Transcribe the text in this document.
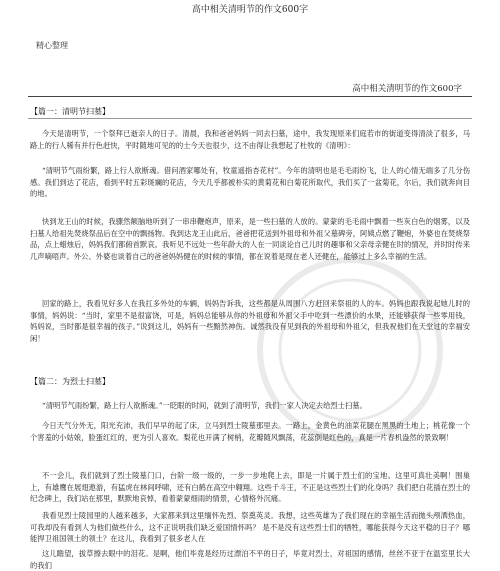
高中相关清明节的作文600字
精心整理
高中相关清明节的作文600字
【篇一：清明节扫墓】

今天是清明节，一个祭拜已逝亲人的日子。清晨，我和爸爸妈妈一同去扫墓，途中，我发现原来们庭若市的街道变得清淡了很多，马路上的行人稀有并行色赶快，平时随地可见的的士今天也很少，这不由得让我想起了杜牧的《清明》：

“清明节气雨纷繁，路上行人欲断魂。借问酒家哪处有，牧童遥指杏花村”。今年的清明也是毛毛雨纷飞，让人的心情无端多了几分伤感。我们到达了花店，看到平时五彩斑斓的花店，今天几乎都被朴实的黄菊花和白菊花所取代，我们买了一盆菊花，尔后，我们就奔向目的地。

快到龙王山的时候，我骤然额脑地听到了一串串鞭炮声，原来，是一些扫墓的人放的。蒙蒙的毛毛雨中飘着一些灰白色的烟雾，以及扫墓人给祖先焚烧祭品后在空中的飘扬物。我到达龙王山此后，爸爸把花送到外祖母和外祖父墓碑旁，阿姨点燃了鞭炮，外婆也在焚烧祭品，点上蜡烛后，妈妈我们都俯首默哀。我听见不远处一些年龄大的人在一同谈论自己儿时的趣事和父亲母亲健在时的情况，并时时传来几声嘀唔声。外公、外婆也谈着自己的爸爸妈妈健在的时候的事情，都在说着是现在老人还健在，能够过上多么幸福的生活。

回家的路上，我看见好多人在我扛多外处的车辆，妈妈告诉我，这些都是从周围八方赶回来祭祖的人的车。妈妈也跟我说起她儿时的事情，妈妈说：“当时，家里不是很富饶，可是，妈妈总能够从你的外祖母和外祖父手中吃到一些漂价的水果，还能够获得一些零用钱，妈妈说，当时都是很幸福的孩子。”说到这儿，妈妈有一些黯然神伤。诚然我没有见到我的外祖母和外祖父，但我祝他们在天堂过的幸福安闲！

【篇二：为烈士扫墓】

“清明节气雨纷繁，路上行人欲断魂。”一眨眼的时间，就到了清明节，我们一家人决定去给烈士扫墓。

今日天气分外无，阳光充沛，我们早早的起了床，立马到烈士陵墓那里去。一路上，金黄色的油菜花腿在黑黑的土地上；桃花像一个个害羞的小姑娘，脸蛋红红的，更为引人喜欢。梨花也开满了树梢，花瓣随风飘荡，花蕊倒是红色的，真是一片春机盎然的景致啊！

不一会儿，我们就到了烈士陵墓门口，台阶一级一级的，一步一步地爬上去，即是一片属于烈士们的宝地。这里可真壮美啊！围巢上，有雄鹰在展翅遨游，有猛虎在林间呼啸，还有白鹤在高空中翱翔。这些千斗王，不正是这些烈士们的化身吗？我们把白花插在烈士的纪念碑上，我们站在那里，默默地哀悼，看着蒙蒙细雨的情景，心情格外沉痛。

我看见烈士陵园里的人越来越多，大家都来到这里缅怀先烈、祭奠英灵。我想，这些英雄为了我们现在的幸福生活而抛头颅洒热血，可我却没有看到人为他们做些什么，这不正说明我们缺乏爱国情怀吗？ 是不是没有这些烈士们的牺牲，哪能获得今天这平稳的日子？哪能捍卫祖国领土的领土？在这儿，我看到了很多老人在

这儿瞻望，拔草擦去眼中的泪花。是啊，他们毕竟是经历过漂泊不平的日子，毕竟对烈士，对祖国的感情，丝丝不亚于在温室里长大的我们
